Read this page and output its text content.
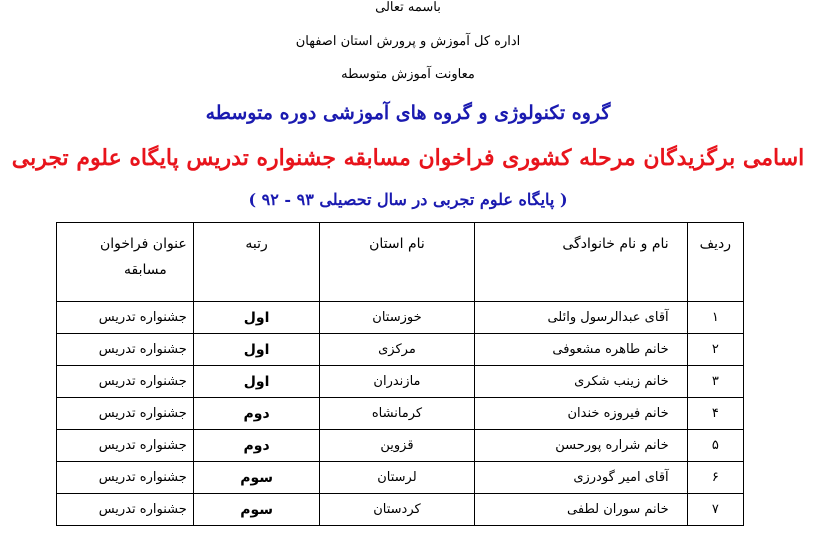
باسمه تعالی
اداره کل آموزش و پرورش استان اصفهان
معاونت آموزش متوسطه
گروه تکنولوژی و گروه های آموزشی دوره متوسطه
اسامی برگزیدگان مرحله کشوری فراخوان مسابقه جشنواره تدریس پایگاه علوم تجربی
( پایگاه علوم تجربی در سال تحصیلی ۹۳ - ۹۲ )
ردیف	نام و نام خانوادگی	نام استان	رتبه	عنوان فراخوان
مسابقه

۱	آقای عبدالرسول وائلی	خوزستان	اول	جشنواره تدریس
۲	خانم طاهره مشعوفی	مرکزی	اول	جشنواره تدریس
۳	خانم زینب شکری	مازندران	اول	جشنواره تدریس
۴	خانم فیروزه خندان	کرمانشاه	دوم	جشنواره تدریس
۵	خانم شراره پورحسن	قزوین	دوم	جشنواره تدریس
۶	آقای امیر گودرزی	لرستان	سوم	جشنواره تدریس
۷	خانم سوران لطفی	کردستان	سوم	جشنواره تدریس
